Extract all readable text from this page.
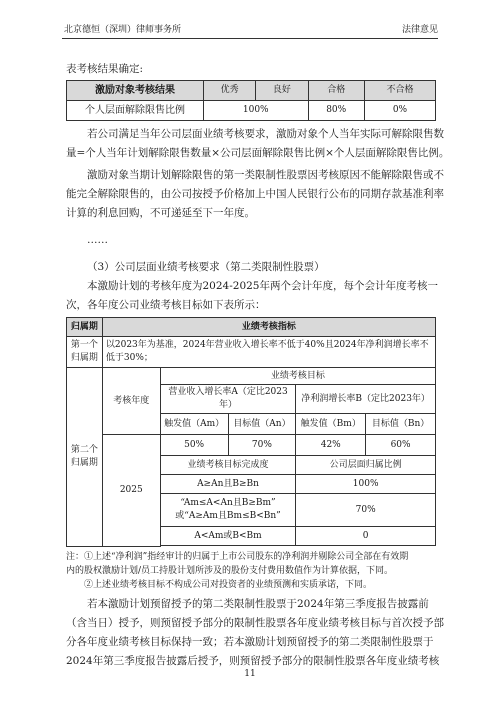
北京德恒（深圳）律师事务所	法律意见

表考核结果确定:

激励对象考核结果	优秀	良好	合格	不合格
个人层面解除限售比例	100%		80%	0%
若公司满足当年公司层面业绩考核要求，激励对象个人当年实际可解除限售数
量=个人当年计划解除限售数量×公司层面解除限售比例×个人层面解除限售比例。
激励对象当期计划解除限售的第一类限制性股票因考核原因不能解除限售或不
能完全解除限售的，由公司按授予价格加上中国人民银行公布的同期存款基准利率
计算的利息回购，不可递延至下一年度。
……
（3）公司层面业绩考核要求（第二类限制性股票）
本激励计划的考核年度为2024-2025年两个会计年度，每个会计年度考核一
次，各年度公司业绩考核目标如下表所示：
归属期	业绩考核指标				
第一个归属期	以2023年为基准，2024年营业收入增长率不低于40%且2024年净利润增长率不低于30%；				
第二个归属期	考核年度	业绩考核目标			
		营业收入增长率A（定比2023年）		净利润增长率B（定比2023年）	
		触发值（Am）	目标值（An）	触发值（Bm）	目标值（Bn）
	2025	50%	70%	42%	60%
		业绩考核目标完成度		公司层面归属比例	
		A≥An且B≥Bn		100%	

		“Am≤A<An且B≥Bm”
或“A≥Am且Bm≤B<Bn”		70%	
		A<Am或B<Bm		0	

注：①上述“净利润”指经审计的归属于上市公司股东的净利润并剔除公司全部在有效期
内的股权激励计划/员工持股计划所涉及的股份支付费用数值作为计算依据，下同。
②上述业绩考核目标不构成公司对投资者的业绩预测和实质承诺，下同。
若本激励计划预留授予的第二类限制性股票于2024年第三季度报告披露前
（含当日）授予，则预留授予部分的限制性股票各年度业绩考核目标与首次授予部
分各年度业绩考核目标保持一致；若本激励计划预留授予的第二类限制性股票于
2024年第三季度报告披露后授予，则预留授予部分的限制性股票各年度业绩考核
11
